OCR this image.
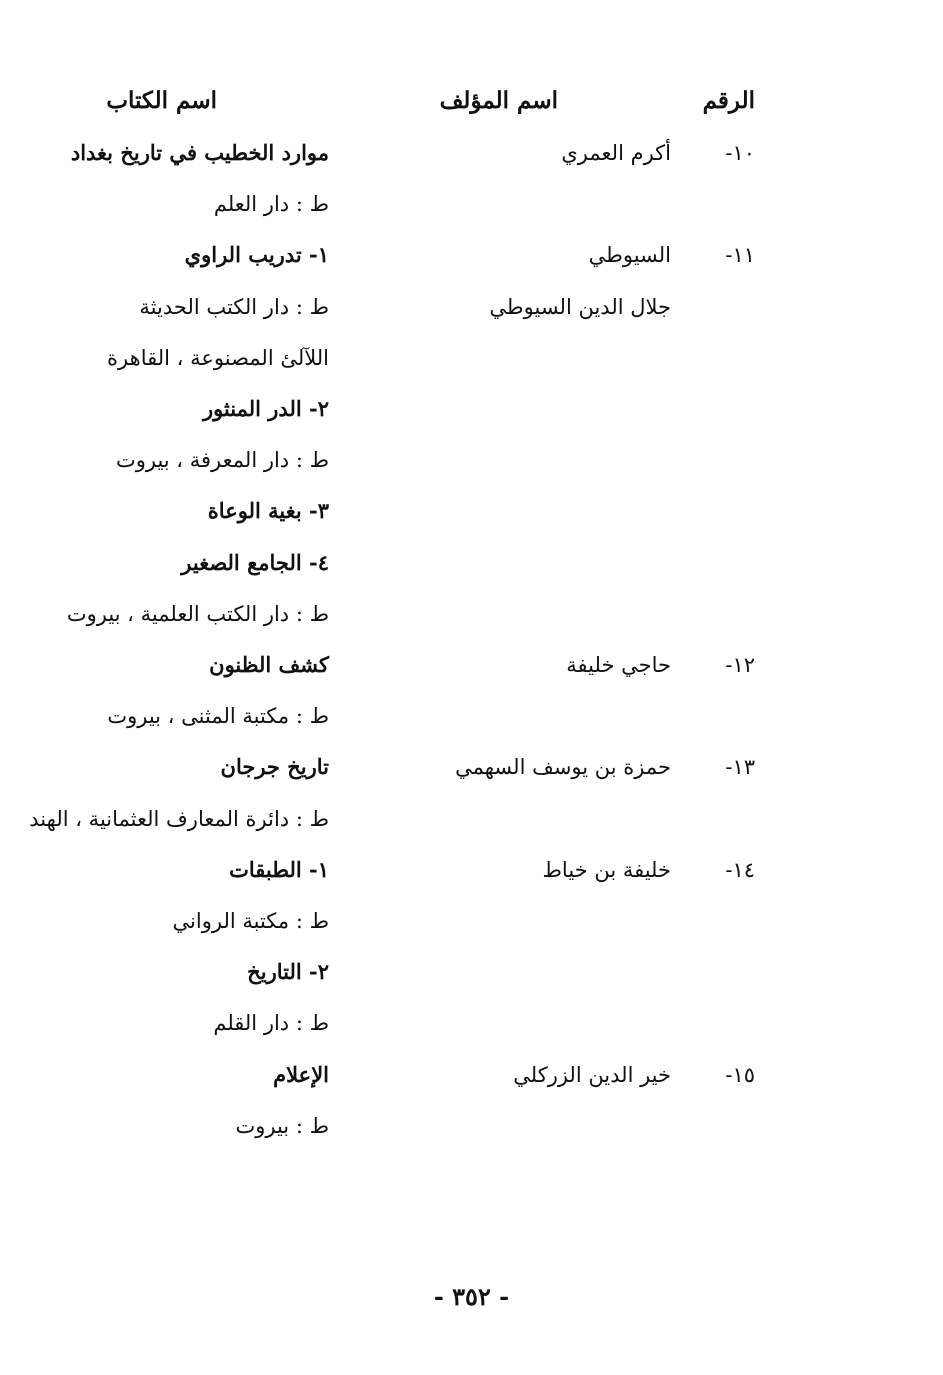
الرقم
اسم المؤلف
اسم الكتاب
١٠-
أكرم العمري
موارد الخطيب في تاريخ بغداد
ط : دار العلم
١١-
السيوطي
جلال الدين السيوطي
١- تدريب الراوي
ط : دار الكتب الحديثة
اللآلئ المصنوعة ، القاهرة
٢- الدر المنثور
ط : دار المعرفة ، بيروت
٣- بغية الوعاة
٤- الجامع الصغير
ط : دار الكتب العلمية ، بيروت
١٢-
حاجي خليفة
كشف الظنون
ط : مكتبة المثنى ، بيروت
١٣-
حمزة بن يوسف السهمي
تاريخ جرجان
ط : دائرة المعارف العثمانية ، الهند
١٤-
خليفة بن خياط
١- الطبقات
ط : مكتبة الرواني
٢- التاريخ
ط : دار القلم
١٥-
خير الدين الزركلي
الإعلام
ط : بيروت
- ٣٥٢ -
